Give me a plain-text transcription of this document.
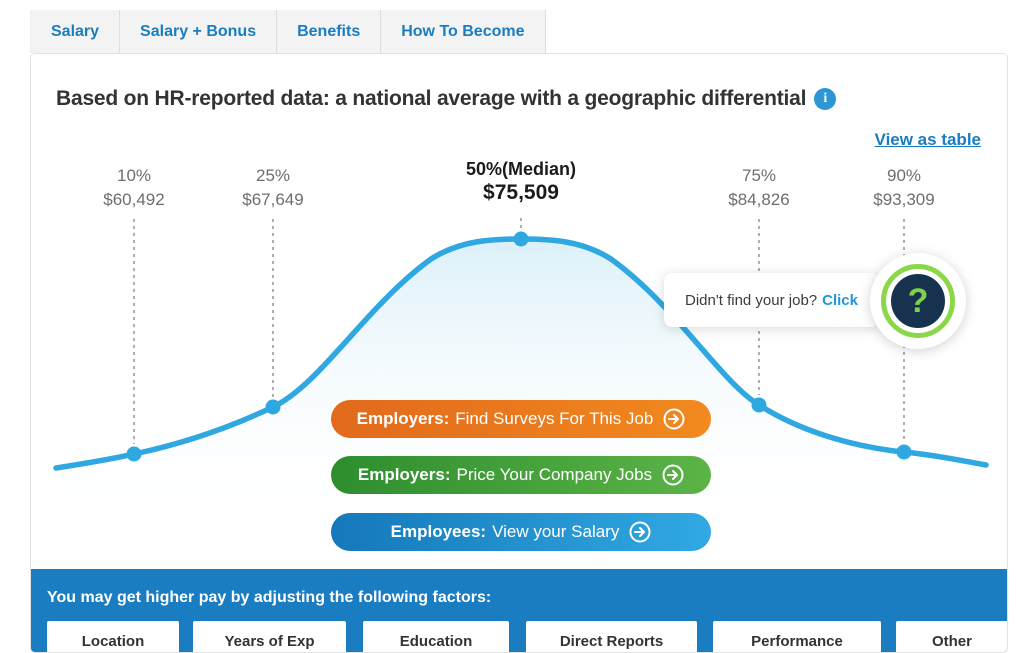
Salary	Salary + Bonus	Benefits	How To Become
Based on HR-reported data: a national average with a geographic differential	i
View as table
10%
$60,492
25%
$67,649
50%(Median)
$75,509
75%
$84,826
90%
$93,309
Didn't find your job? Click	?
Employers: Find Surveys For This Job
Employers: Price Your Company Jobs
Employees: View your Salary
You may get higher pay by adjusting the following factors:
Location	Years of Exp	Education	Direct Reports	Performance	Other
